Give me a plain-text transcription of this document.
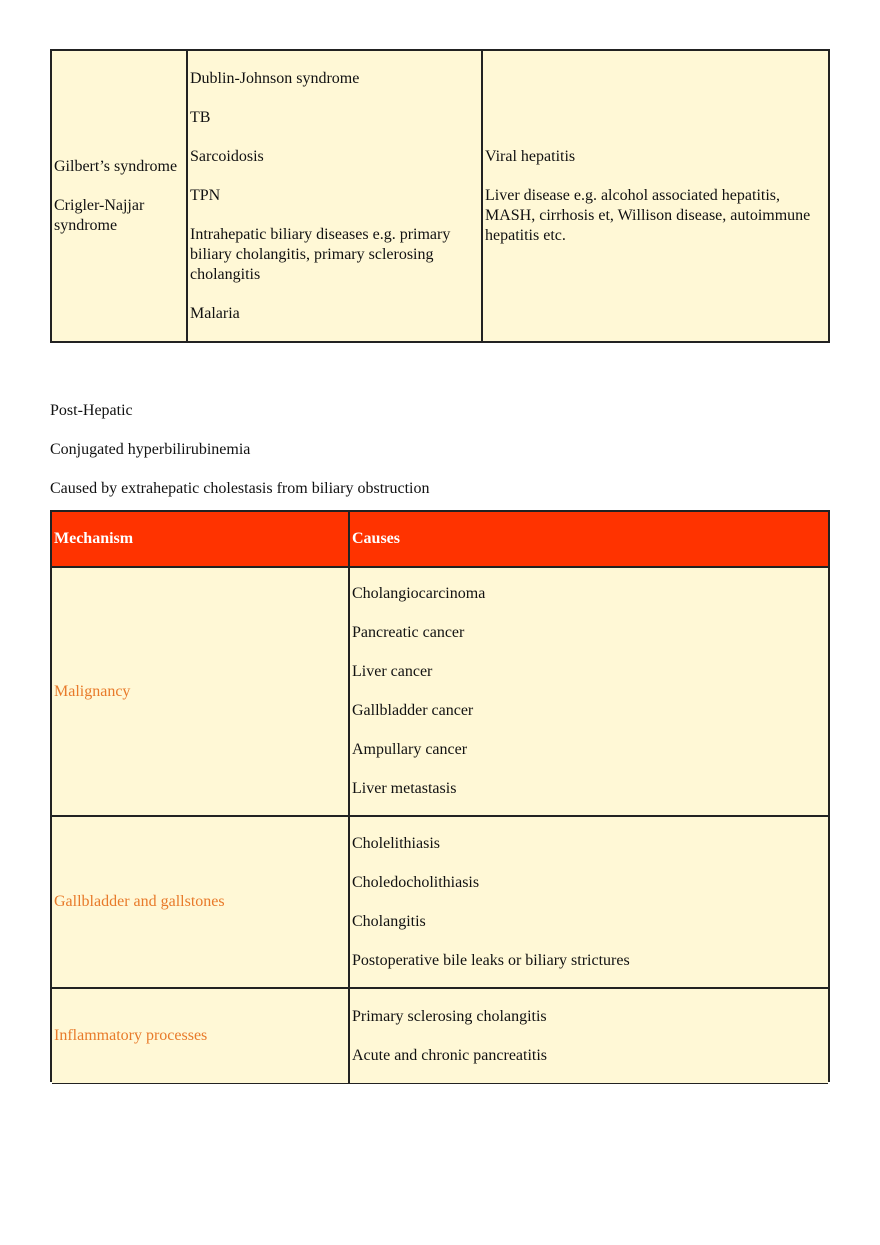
Gilbert’s syndrome

Crigler-Najjar syndrome

Dublin-Johnson syndrome

TB

Sarcoidosis

TPN

Intrahepatic biliary diseases e.g. primary biliary cholangitis, primary sclerosing cholangitis

Malaria

Viral hepatitis

Liver disease e.g. alcohol associated hepatitis, MASH, cirrhosis et, Willison disease, autoimmune hepatitis etc.

Post-Hepatic

Conjugated hyperbilirubinemia

Caused by extrahepatic cholestasis from biliary obstruction

Mechanism	Causes

Malignancy

Cholangiocarcinoma

Pancreatic cancer

Liver cancer

Gallbladder cancer

Ampullary cancer

Liver metastasis

Gallbladder and gallstones

Cholelithiasis

Choledocholithiasis

Cholangitis

Postoperative bile leaks or biliary strictures

Inflammatory processes

Primary sclerosing cholangitis

Acute and chronic pancreatitis
